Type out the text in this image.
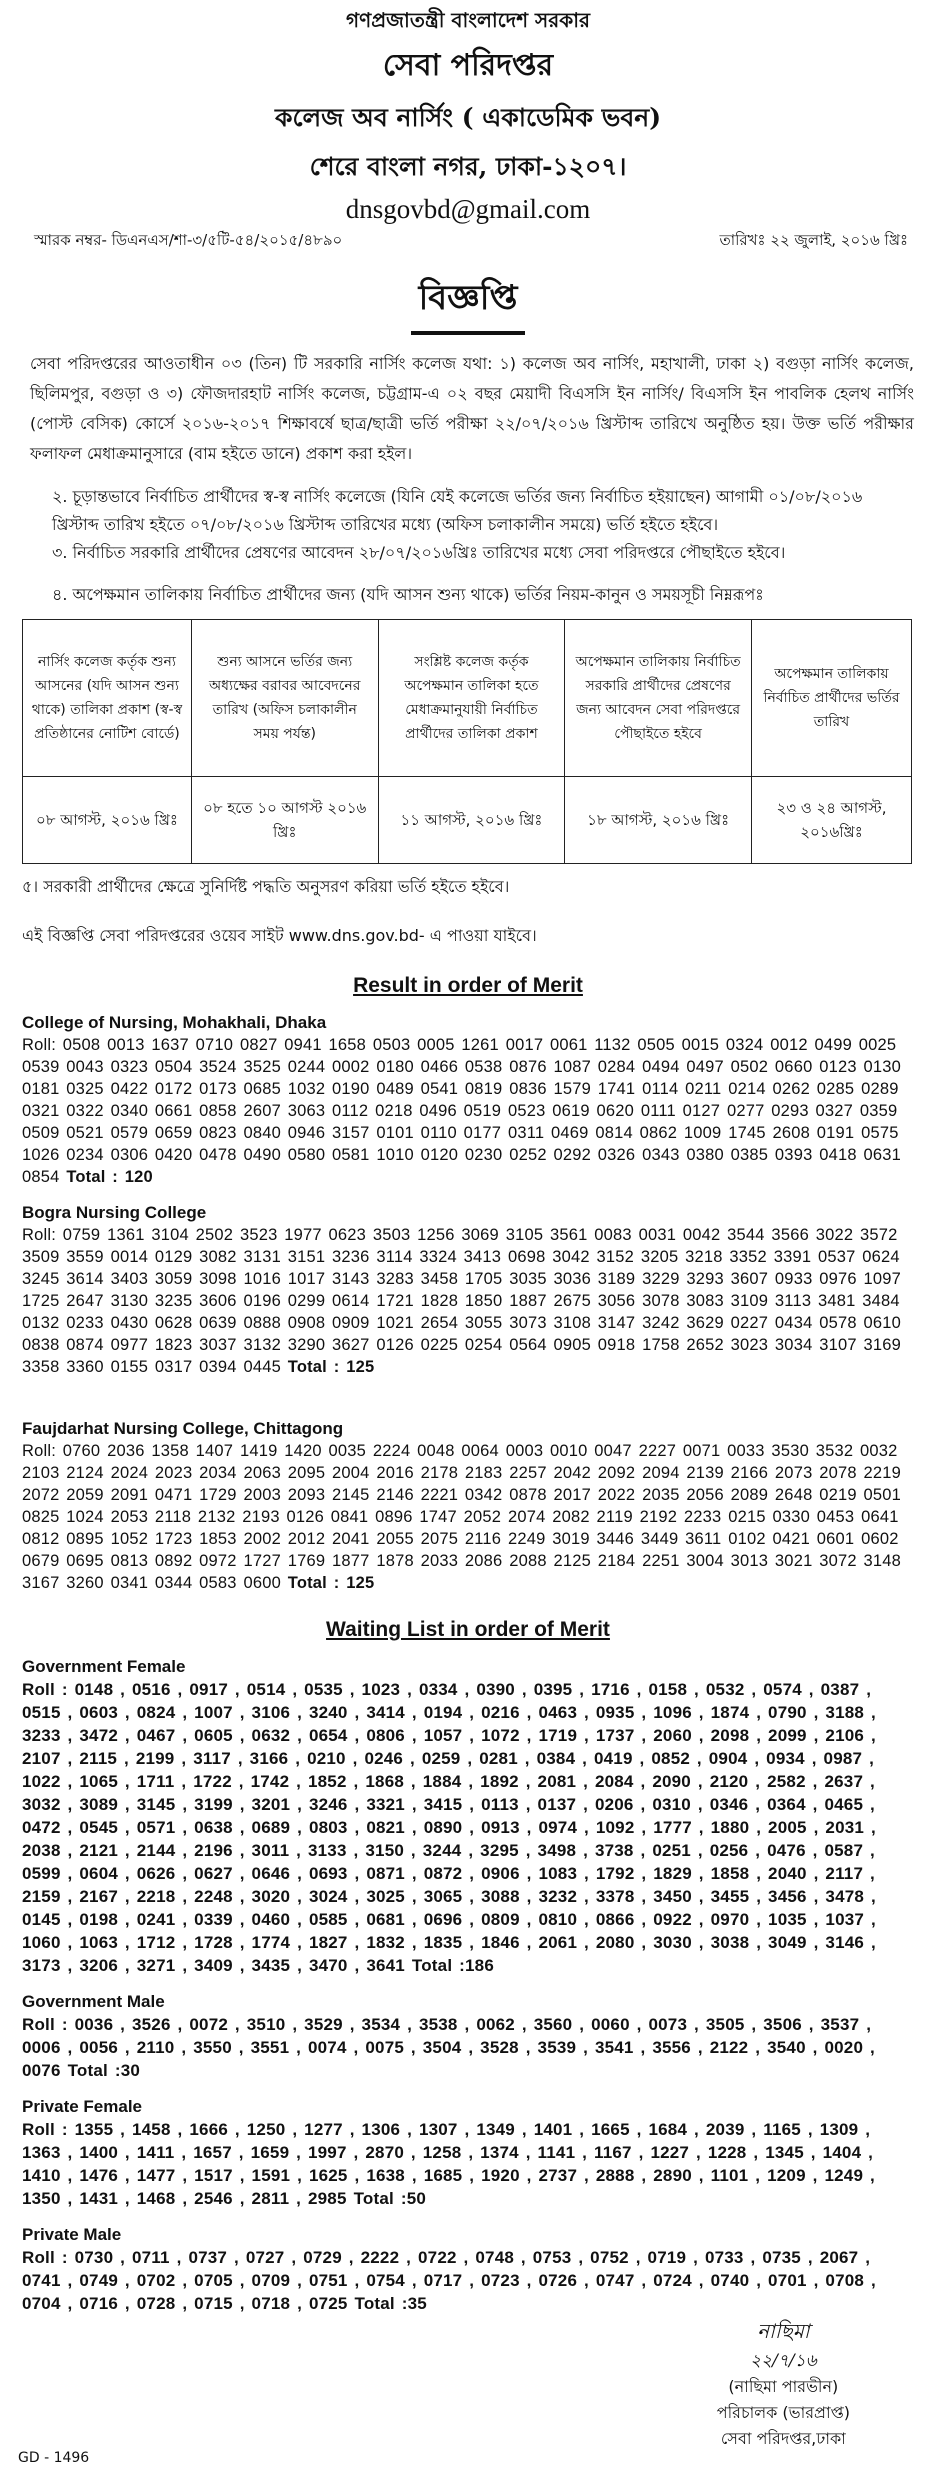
গণপ্রজাতন্ত্রী বাংলাদেশ সরকার
সেবা পরিদপ্তর
কলেজ অব নার্সিং ( একাডেমিক ভবন)
শেরে বাংলা নগর, ঢাকা-১২০৭।
dnsgovbd@gmail.com
স্মারক নম্বর- ডিএনএস/শা-৩/৫টি-৫৪/২০১৫/৪৮৯০	তারিখঃ ২২ জুলাই, ২০১৬ খ্রিঃ
বিজ্ঞপ্তি
সেবা পরিদপ্তরের আওতাধীন ০৩ (তিন) টি সরকারি নার্সিং কলেজ যথা: ১) কলেজ অব নার্সিং, মহাখালী, ঢাকা ২) বগুড়া নার্সিং কলেজ, ছিলিমপুর, বগুড়া ও ৩) ফৌজদারহাট নার্সিং কলেজ, চট্টগ্রাম-এ ০২ বছর মেয়াদী বিএসসি ইন নার্সিং/ বিএসসি ইন পাবলিক হেলথ নার্সিং (পোস্ট বেসিক) কোর্সে ২০১৬-২০১৭ শিক্ষাবর্ষে ছাত্র/ছাত্রী ভর্তি পরীক্ষা ২২/০৭/২০১৬ খ্রিস্টাব্দ তারিখে অনুষ্ঠিত হয়। উক্ত ভর্তি পরীক্ষার ফলাফল মেধাক্রমানুসারে (বাম হইতে ডানে) প্রকাশ করা হইল।
২. চূড়ান্তভাবে নির্বাচিত প্রার্থীদের স্ব-স্ব নার্সিং কলেজে (যিনি যেই কলেজে ভর্তির জন্য নির্বাচিত হইয়াছেন) আগামী ০১/০৮/২০১৬ খ্রিস্টাব্দ তারিখ হইতে ০৭/০৮/২০১৬ খ্রিস্টাব্দ তারিখের মধ্যে (অফিস চলাকালীন সময়ে) ভর্তি হইতে হইবে।
৩. নির্বাচিত সরকারি প্রার্থীদের প্রেষণের আবেদন ২৮/০৭/২০১৬খ্রিঃ তারিখের মধ্যে সেবা পরিদপ্তরে পৌছাইতে হইবে।
৪. অপেক্ষমান তালিকায় নির্বাচিত প্রার্থীদের জন্য (যদি আসন শুন্য থাকে) ভর্তির নিয়ম-কানুন ও সময়সূচী নিম্নরূপঃ
নার্সিং কলেজ কর্তৃক শুন্য আসনের (যদি আসন শুন্য থাকে) তালিকা প্রকাশ (স্ব-স্ব প্রতিষ্ঠানের নোটিশ বোর্ডে)	শুন্য আসনে ভর্তির জন্য অধ্যক্ষের বরাবর আবেদনের তারিখ (অফিস চলাকালীন সময় পর্যন্ত)	সংশ্লিষ্ট কলেজ কর্তৃক অপেক্ষমান তালিকা হতে মেধাক্রমানুযায়ী নির্বাচিত প্রার্থীদের তালিকা প্রকাশ	অপেক্ষমান তালিকায় নির্বাচিত সরকারি প্রার্থীদের প্রেষণের জন্য আবেদন সেবা পরিদপ্তরে পৌছাইতে হইবে	অপেক্ষমান তালিকায় নির্বাচিত প্রার্থীদের ভর্তির তারিখ
০৮ আগস্ট, ২০১৬ খ্রিঃ	০৮ হতে ১০ আগস্ট ২০১৬ খ্রিঃ	১১ আগস্ট, ২০১৬ খ্রিঃ	১৮ আগস্ট, ২০১৬ খ্রিঃ	২৩ ও ২৪ আগস্ট, ২০১৬খ্রিঃ
৫। সরকারী প্রার্থীদের ক্ষেত্রে সুনির্দিষ্ট পদ্ধতি অনুসরণ করিয়া ভর্তি হইতে হইবে।
এই বিজ্ঞপ্তি সেবা পরিদপ্তরের ওয়েব সাইট www.dns.gov.bd- এ পাওয়া যাইবে।
Result in order of Merit
College of Nursing, Mohakhali, Dhaka
Roll: 0508 0013 1637 0710 0827 0941 1658 0503 0005 1261 0017 0061 1132 0505 0015 0324 0012 0499 0025 0539 0043 0323 0504 3524 3525 0244 0002 0180 0466 0538 0876 1087 0284 0494 0497 0502 0660 0123 0130 0181 0325 0422 0172 0173 0685 1032 0190 0489 0541 0819 0836 1579 1741 0114 0211 0214 0262 0285 0289 0321 0322 0340 0661 0858 2607 3063 0112 0218 0496 0519 0523 0619 0620 0111 0127 0277 0293 0327 0359 0509 0521 0579 0659 0823 0840 0946 3157 0101 0110 0177 0311 0469 0814 0862 1009 1745 2608 0191 0575 1026 0234 0306 0420 0478 0490 0580 0581 1010 0120 0230 0252 0292 0326 0343 0380 0385 0393 0418 0631 0854 Total : 120
Bogra Nursing College
Roll: 0759 1361 3104 2502 3523 1977 0623 3503 1256 3069 3105 3561 0083 0031 0042 3544 3566 3022 3572 3509 3559 0014 0129 3082 3131 3151 3236 3114 3324 3413 0698 3042 3152 3205 3218 3352 3391 0537 0624 3245 3614 3403 3059 3098 1016 1017 3143 3283 3458 1705 3035 3036 3189 3229 3293 3607 0933 0976 1097 1725 2647 3130 3235 3606 0196 0299 0614 1721 1828 1850 1887 2675 3056 3078 3083 3109 3113 3481 3484 0132 0233 0430 0628 0639 0888 0908 0909 1021 2654 3055 3073 3108 3147 3242 3629 0227 0434 0578 0610 0838 0874 0977 1823 3037 3132 3290 3627 0126 0225 0254 0564 0905 0918 1758 2652 3023 3034 3107 3169 3358 3360 0155 0317 0394 0445 Total : 125
Faujdarhat Nursing College, Chittagong
Roll: 0760 2036 1358 1407 1419 1420 0035 2224 0048 0064 0003 0010 0047 2227 0071 0033 3530 3532 0032 2103 2124 2024 2023 2034 2063 2095 2004 2016 2178 2183 2257 2042 2092 2094 2139 2166 2073 2078 2219 2072 2059 2091 0471 1729 2003 2093 2145 2146 2221 0342 0878 2017 2022 2035 2056 2089 2648 0219 0501 0825 1024 2053 2118 2132 2193 0126 0841 0896 1747 2052 2074 2082 2119 2192 2233 0215 0330 0453 0641 0812 0895 1052 1723 1853 2002 2012 2041 2055 2075 2116 2249 3019 3446 3449 3611 0102 0421 0601 0602 0679 0695 0813 0892 0972 1727 1769 1877 1878 2033 2086 2088 2125 2184 2251 3004 3013 3021 3072 3148 3167 3260 0341 0344 0583 0600 Total : 125
Waiting List in order of Merit
Government Female
Roll : 0148 , 0516 , 0917 , 0514 , 0535 , 1023 , 0334 , 0390 , 0395 , 1716 , 0158 , 0532 , 0574 , 0387 , 0515 , 0603 , 0824 , 1007 , 3106 , 3240 , 3414 , 0194 , 0216 , 0463 , 0935 , 1096 , 1874 , 0790 , 3188 , 3233 , 3472 , 0467 , 0605 , 0632 , 0654 , 0806 , 1057 , 1072 , 1719 , 1737 , 2060 , 2098 , 2099 , 2106 , 2107 , 2115 , 2199 , 3117 , 3166 , 0210 , 0246 , 0259 , 0281 , 0384 , 0419 , 0852 , 0904 , 0934 , 0987 , 1022 , 1065 , 1711 , 1722 , 1742 , 1852 , 1868 , 1884 , 1892 , 2081 , 2084 , 2090 , 2120 , 2582 , 2637 , 3032 , 3089 , 3145 , 3199 , 3201 , 3246 , 3321 , 3415 , 0113 , 0137 , 0206 , 0310 , 0346 , 0364 , 0465 , 0472 , 0545 , 0571 , 0638 , 0689 , 0803 , 0821 , 0890 , 0913 , 0974 , 1092 , 1777 , 1880 , 2005 , 2031 , 2038 , 2121 , 2144 , 2196 , 3011 , 3133 , 3150 , 3244 , 3295 , 3498 , 3738 , 0251 , 0256 , 0476 , 0587 , 0599 , 0604 , 0626 , 0627 , 0646 , 0693 , 0871 , 0872 , 0906 , 1083 , 1792 , 1829 , 1858 , 2040 , 2117 , 2159 , 2167 , 2218 , 2248 , 3020 , 3024 , 3025 , 3065 , 3088 , 3232 , 3378 , 3450 , 3455 , 3456 , 3478 , 0145 , 0198 , 0241 , 0339 , 0460 , 0585 , 0681 , 0696 , 0809 , 0810 , 0866 , 0922 , 0970 , 1035 , 1037 , 1060 , 1063 , 1712 , 1728 , 1774 , 1827 , 1832 , 1835 , 1846 , 2061 , 2080 , 3030 , 3038 , 3049 , 3146 , 3173 , 3206 , 3271 , 3409 , 3435 , 3470 , 3641 Total :186
Government Male
Roll : 0036 , 3526 , 0072 , 3510 , 3529 , 3534 , 3538 , 0062 , 3560 , 0060 , 0073 , 3505 , 3506 , 3537 , 0006 , 0056 , 2110 , 3550 , 3551 , 0074 , 0075 , 3504 , 3528 , 3539 , 3541 , 3556 , 2122 , 3540 , 0020 , 0076 Total :30
Private Female
Roll : 1355 , 1458 , 1666 , 1250 , 1277 , 1306 , 1307 , 1349 , 1401 , 1665 , 1684 , 2039 , 1165 , 1309 , 1363 , 1400 , 1411 , 1657 , 1659 , 1997 , 2870 , 1258 , 1374 , 1141 , 1167 , 1227 , 1228 , 1345 , 1404 , 1410 , 1476 , 1477 , 1517 , 1591 , 1625 , 1638 , 1685 , 1920 , 2737 , 2888 , 2890 , 1101 , 1209 , 1249 , 1350 , 1431 , 1468 , 2546 , 2811 , 2985 Total :50
Private Male
Roll : 0730 , 0711 , 0737 , 0727 , 0729 , 2222 , 0722 , 0748 , 0753 , 0752 , 0719 , 0733 , 0735 , 2067 , 0741 , 0749 , 0702 , 0705 , 0709 , 0751 , 0754 , 0717 , 0723 , 0726 , 0747 , 0724 , 0740 , 0701 , 0708 , 0704 , 0716 , 0728 , 0715 , 0718 , 0725 Total :35
নাছিমা
২২/৭/১৬
(নাছিমা পারভীন)
পরিচালক (ভারপ্রাপ্ত)
সেবা পরিদপ্তর,ঢাকা
GD - 1496
